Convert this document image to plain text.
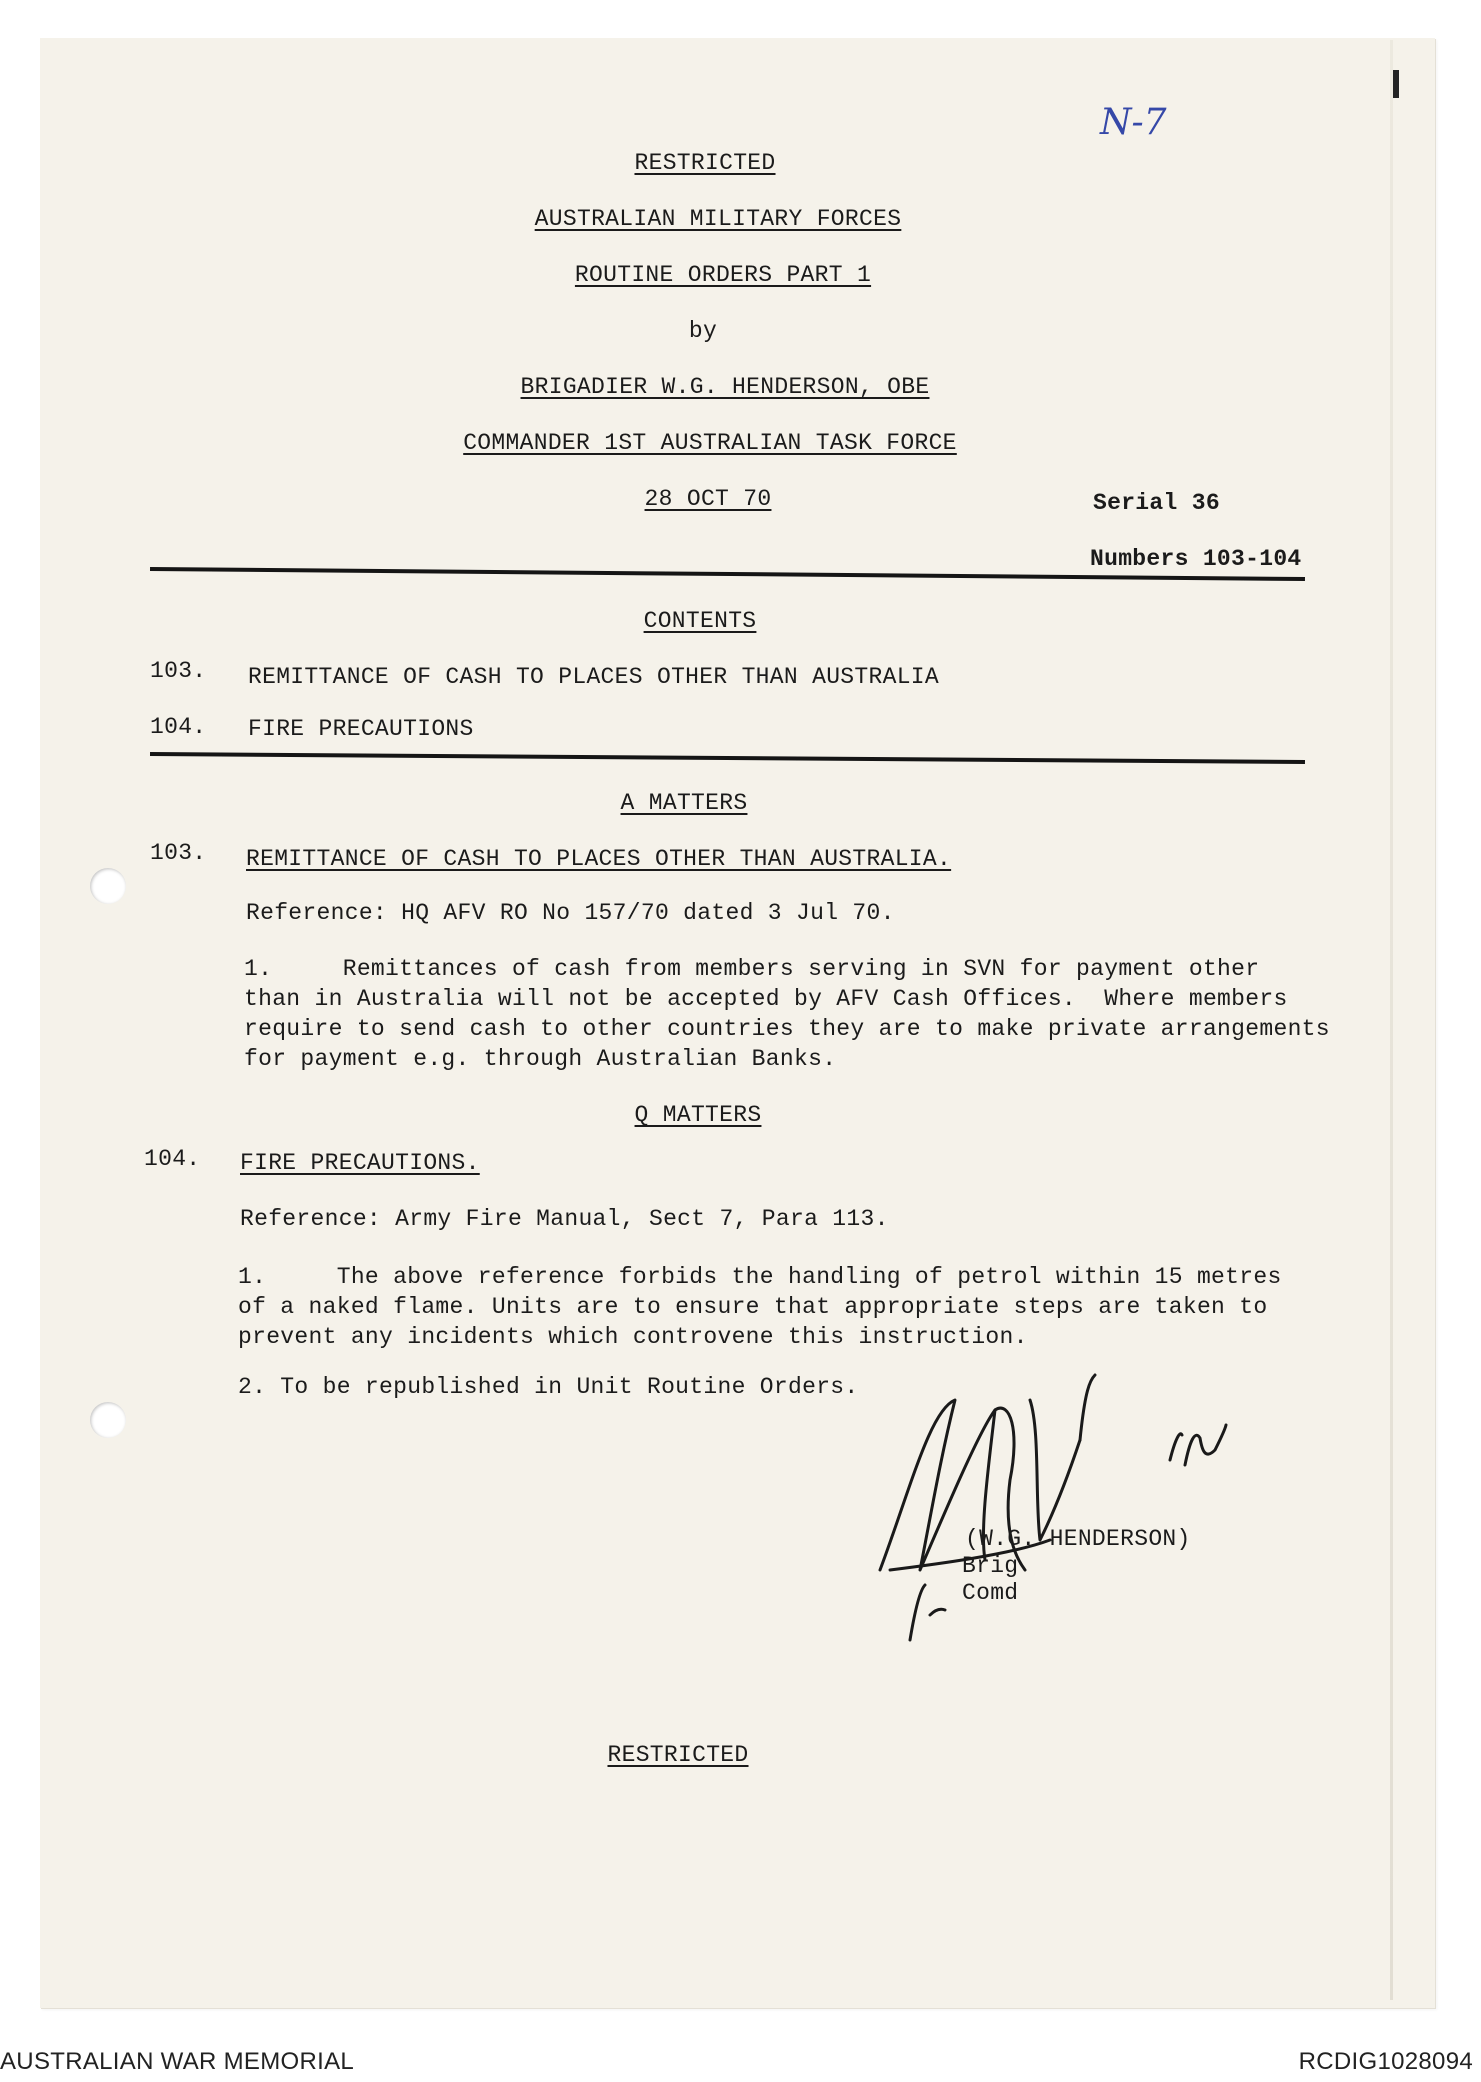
N-7
RESTRICTED
AUSTRALIAN MILITARY FORCES
ROUTINE ORDERS PART 1
by
BRIGADIER W.G. HENDERSON, OBE
COMMANDER 1ST AUSTRALIAN TASK FORCE
28 OCT 70	Serial 36
Numbers 103-104
CONTENTS
103. REMITTANCE OF CASH TO PLACES OTHER THAN AUSTRALIA
104. FIRE PRECAUTIONS
A MATTERS
103. REMITTANCE OF CASH TO PLACES OTHER THAN AUSTRALIA.
Reference: HQ AFV RO No 157/70 dated 3 Jul 70.
1.     Remittances of cash from members serving in SVN for payment other
than in Australia will not be accepted by AFV Cash Offices.  Where members
require to send cash to other countries they are to make private arrangements
for payment e.g. through Australian Banks.
Q MATTERS
104. FIRE PRECAUTIONS.
Reference: Army Fire Manual, Sect 7, Para 113.
1.     The above reference forbids the handling of petrol within 15 metres
of a naked flame. Units are to ensure that appropriate steps are taken to
prevent any incidents which controvene this instruction.
2. To be republished in Unit Routine Orders.
(W.G. HENDERSON)
Brig
Comd
RESTRICTED
AUSTRALIAN WAR MEMORIAL	RCDIG1028094
